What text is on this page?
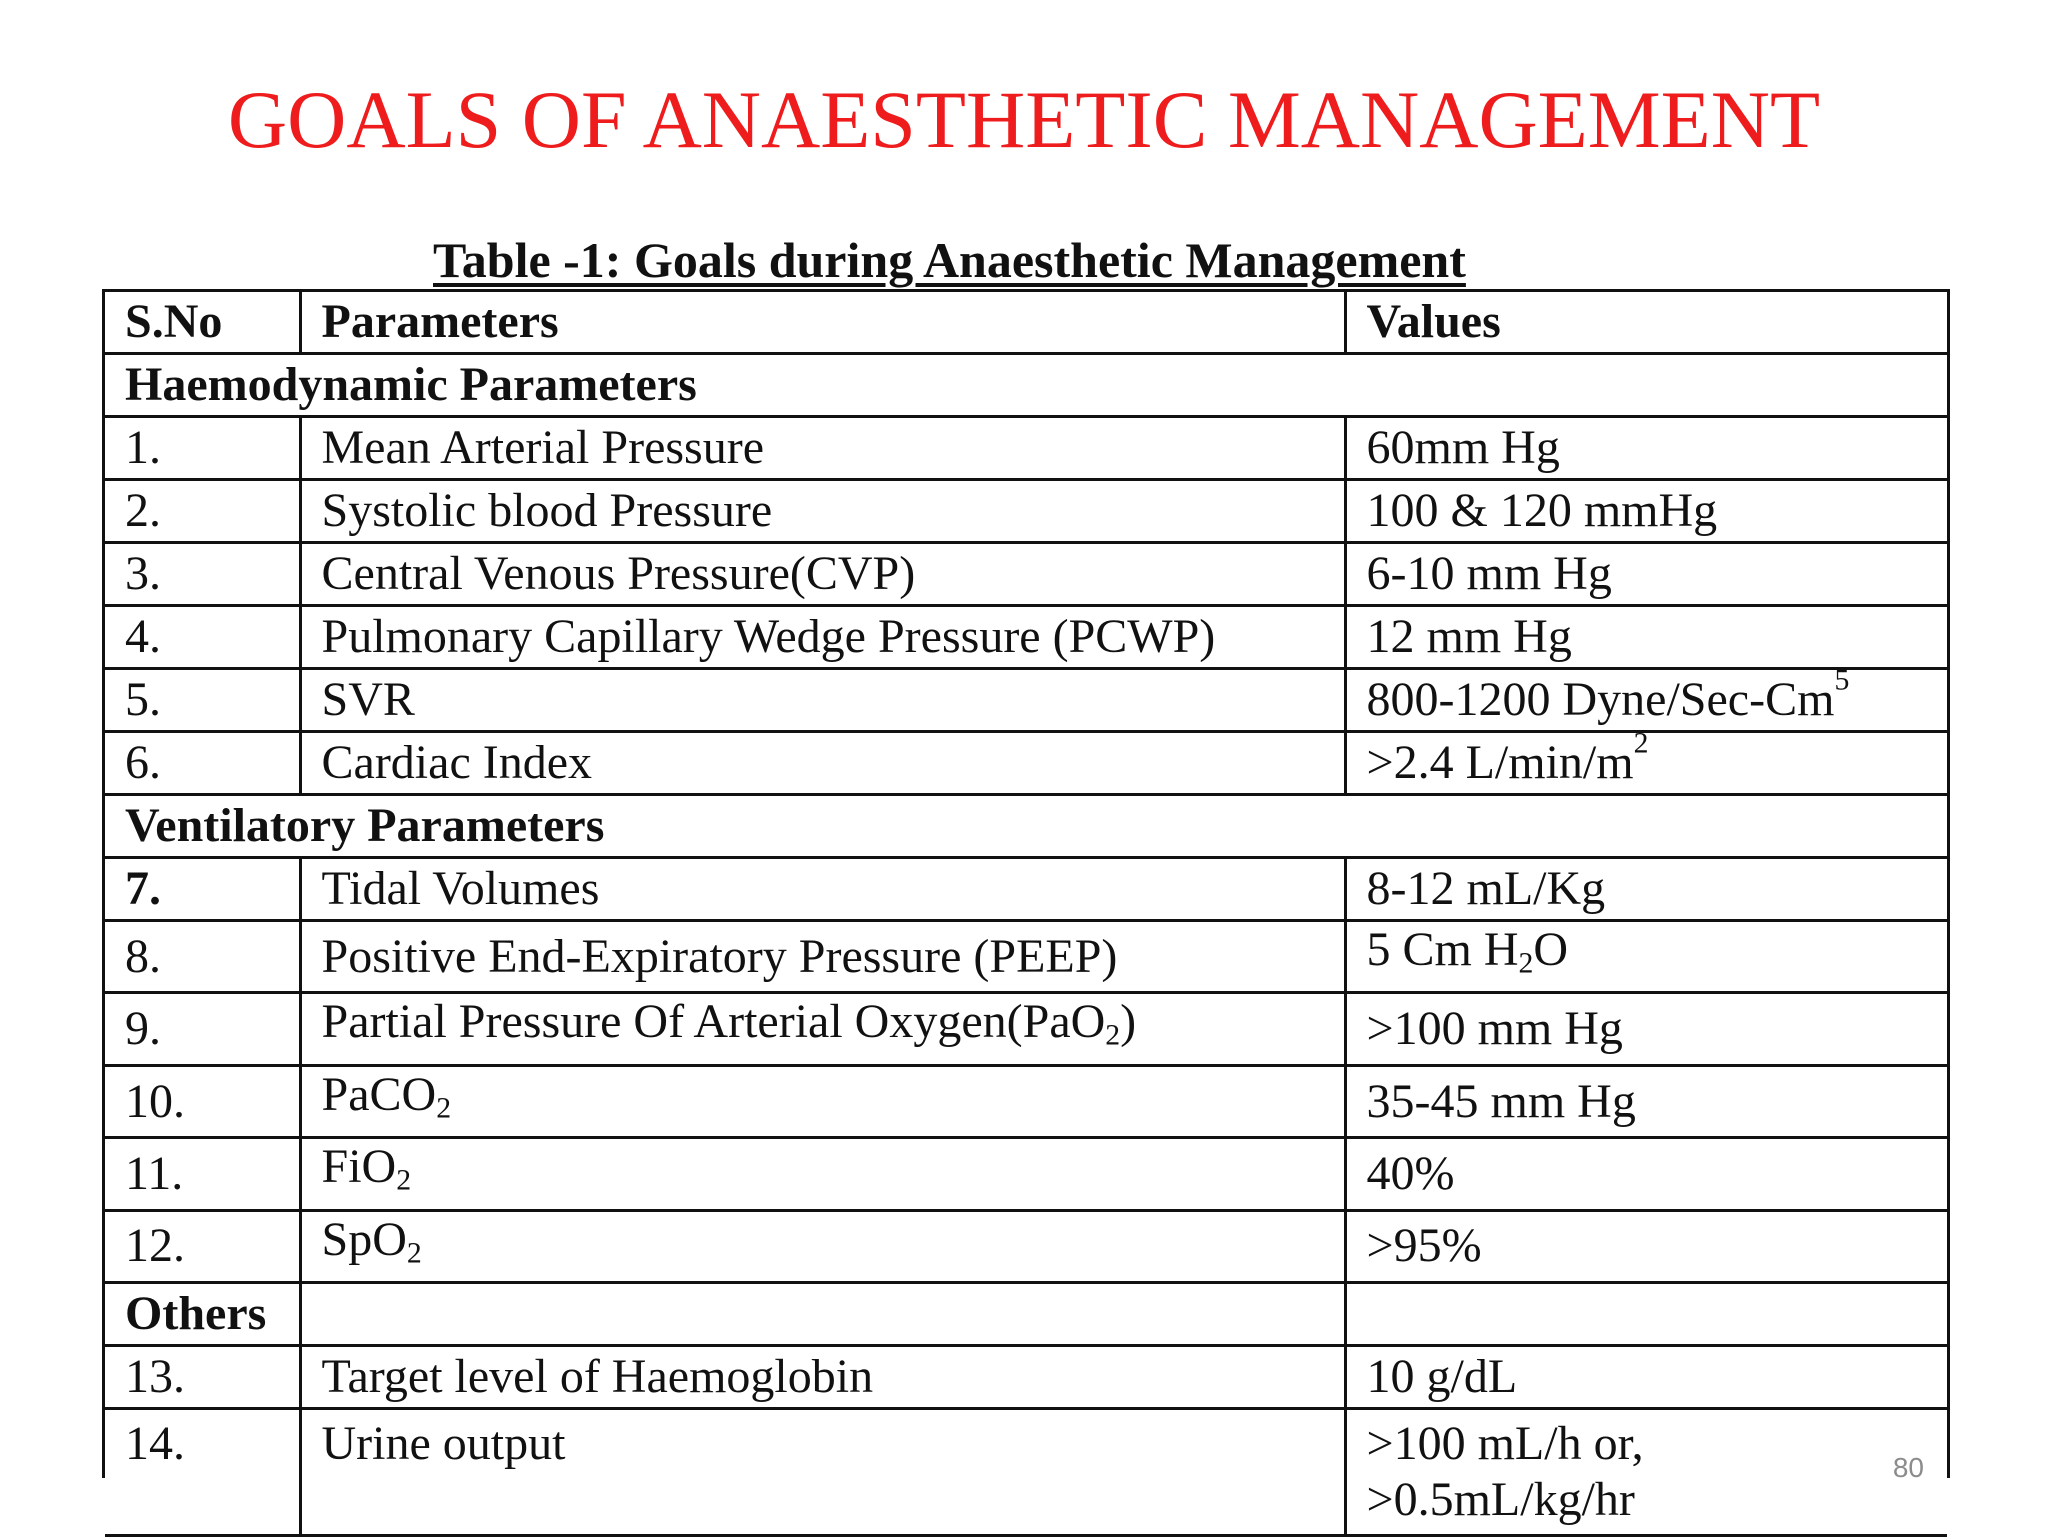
GOALS OF ANAESTHETIC MANAGEMENT
Table -1: Goals during Anaesthetic Management
S.No	Parameters	Values
Haemodynamic Parameters		
1.	Mean Arterial Pressure	60mm Hg
2.	Systolic blood Pressure	100 & 120 mmHg
3.	Central Venous Pressure(CVP)	6-10 mm Hg
4.	Pulmonary Capillary Wedge Pressure (PCWP)	12 mm Hg
5.	SVR	800-1200 Dyne/Sec-Cm$^5$
6.	Cardiac Index	>2.4 $L/\min/m^2$
Ventilatory Parameters		
7.	Tidal Volumes	8-12 mL/Kg
8.	Positive End-Expiratory Pressure (PEEP)	5 Cm $H_2O$
9.	Partial Pressure Of Arterial Oxygen(PaO$_2$)	>100 mm Hg
10.	PaCO$_2$	35-45 mm Hg
11.	FiO$_2$	40%
12.	SpO$_2$	>95%
Others		
13.	Target level of Haemoglobin	10 g/dL
14.	Urine output	>100 mL/h or,
>0.5mL/kg/hr
80
